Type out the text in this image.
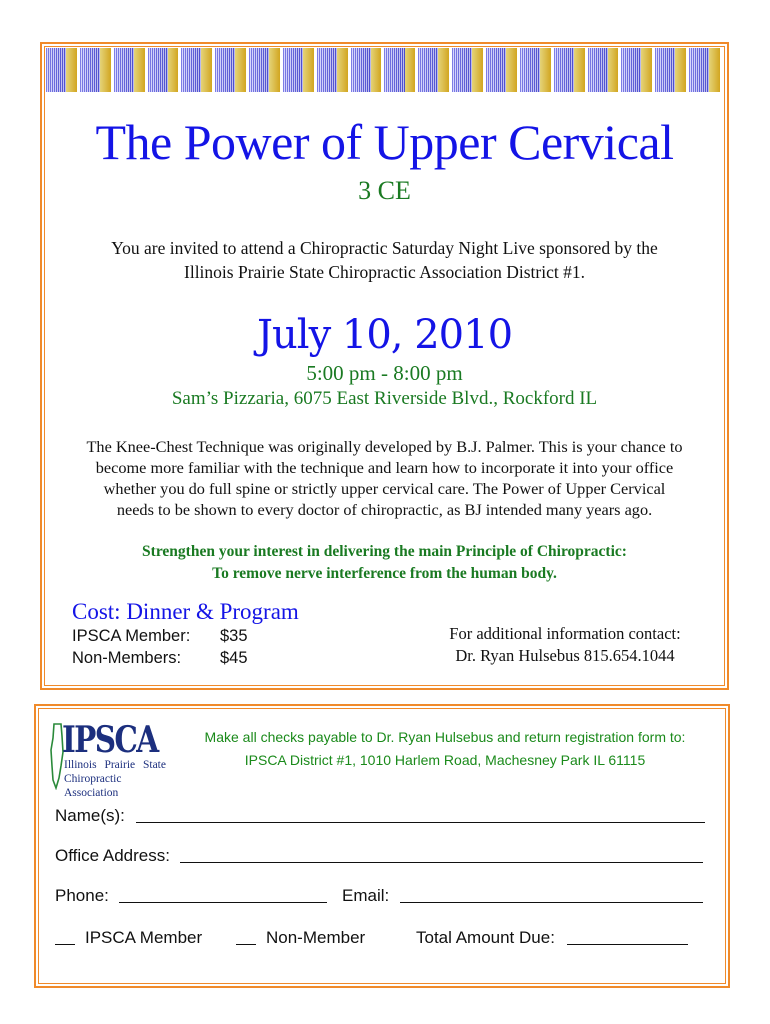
The Power of Upper Cervical
3 CE
You are invited to attend a Chiropractic Saturday Night Live sponsored by the
Illinois Prairie State Chiropractic Association District #1.
July 10, 2010
5:00 pm - 8:00 pm
Sam’s Pizzaria, 6075 East Riverside Blvd., Rockford IL
The Knee-Chest Technique was originally developed by B.J. Palmer. This is your chance to
become more familiar with the technique and learn how to incorporate it into your office
whether you do full spine or strictly upper cervical care. The Power of Upper Cervical
needs to be shown to every doctor of chiropractic, as BJ intended many years ago.
Strengthen your interest in delivering the main Principle of Chiropractic:
To remove nerve interference from the human body.
Cost: Dinner & Program
IPSCA Member: $35
Non-Members: $45
For additional information contact:
Dr. Ryan Hulsebus 815.654.1044
IPSCA
Illinois Prairie State
Chiropractic Association
Make all checks payable to Dr. Ryan Hulsebus and return registration form to:
IPSCA District #1, 1010 Harlem Road, Machesney Park IL 61115
Name(s):
Office Address:
Phone:	Email:
IPSCA Member	Non-Member	Total Amount Due:
